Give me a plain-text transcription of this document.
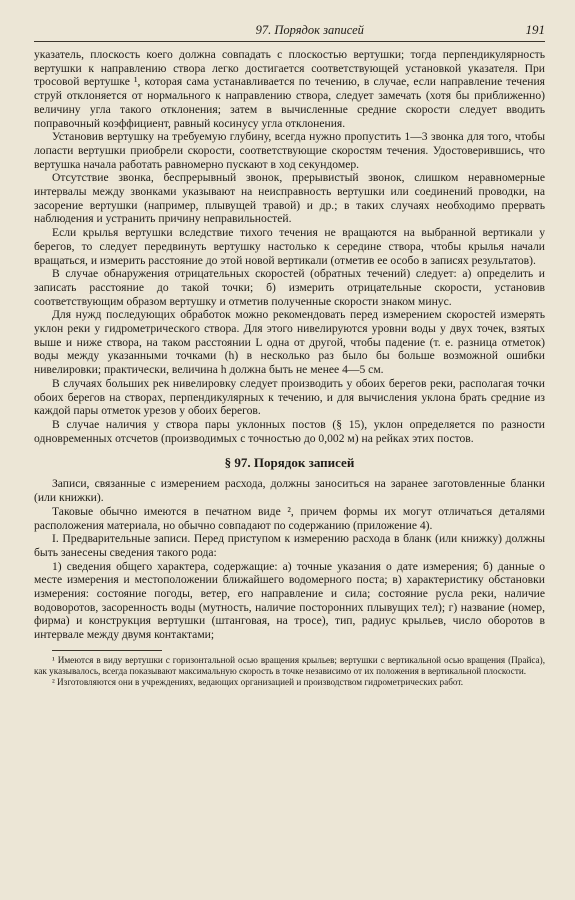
97. Порядок записей	191

указатель, плоскость коего должна совпадать с плоскостью вертушки; тогда перпендикулярность вертушки к направлению створа легко достигается соответствующей установкой указателя. При тросовой вертушке ¹, которая сама устанавливается по течению, в случае, если направление течения струй отклоняется от нормального к направлению створа, следует замечать (хотя бы приближенно) величину угла такого отклонения; затем в вычисленные средние скорости следует вводить поправочный коэффициент, равный косинусу угла отклонения.

Установив вертушку на требуемую глубину, всегда нужно пропустить 1—3 звонка для того, чтобы лопасти вертушки приобрели скорости, соответствующие скоростям течения. Удостоверившись, что вертушка начала работать равномерно пускают в ход секундомер.

Отсутствие звонка, беспрерывный звонок, прерывистый звонок, слишком неравномерные интервалы между звонками указывают на неисправность вертушки или соединений проводки, на засорение вертушки (например, плывущей травой) и др.; в таких случаях необходимо прервать наблюдения и устранить причину неправильностей.

Если крылья вертушки вследствие тихого течения не вращаются на выбранной вертикали у берегов, то следует передвинуть вертушку настолько к середине створа, чтобы крылья начали вращаться, и измерить расстояние до этой новой вертикали (отметив ее особо в записях результатов).

В случае обнаружения отрицательных скоростей (обратных течений) следует: а) определить и записать расстояние до такой точки; б) измерить отрицательные скорости, установив соответствующим образом вертушку и отметив полученные скорости знаком минус.

Для нужд последующих обработок можно рекомендовать перед измерением скоростей измерять уклон реки у гидрометрического створа. Для этого нивелируются уровни воды у двух точек, взятых выше и ниже створа, на таком расстоянии L одна от другой, чтобы падение (т. е. разница отметок) воды между указанными точками (h) в несколько раз было бы больше возможной ошибки нивелировки; практически, величина h должна быть не менее 4—5 см.

В случаях больших рек нивелировку следует производить у обоих берегов реки, располагая точки обоих берегов на створах, перпендикулярных к течению, и для вычисления уклона брать средние из каждой пары отметок урезов у обоих берегов.

В случае наличия у створа пары уклонных постов (§ 15), уклон определяется по разности одновременных отсчетов (производимых с точностью до 0,002 м) на рейках этих постов.

§ 97. Порядок записей

Записи, связанные с измерением расхода, должны заноситься на заранее заготовленные бланки (или книжки).

Таковые обычно имеются в печатном виде ², причем формы их могут отличаться деталями расположения материала, но обычно совпадают по содержанию (приложение 4).

I. Предварительные записи. Перед приступом к измерению расхода в бланк (или книжку) должны быть занесены сведения такого рода:

1) сведения общего характера, содержащие: а) точные указания о дате измерения; б) данные о месте измерения и местоположении ближайшего водомерного поста; в) характеристику обстановки измерения: состояние погоды, ветер, его направление и сила; состояние русла реки, наличие водоворотов, засоренность воды (мутность, наличие посторонних плывущих тел); г) название (номер, фирма) и конструкция вертушки (штанговая, на тросе), тип, радиус крыльев, число оборотов в интервале между двумя контактами;

¹ Имеются в виду вертушки с горизонтальной осью вращения крыльев; вертушки с вертикальной осью вращения (Прайса), как указывалось, всегда показывают максимальную скорость в точке независимо от их положения в вертикальной плоскости.

² Изготовляются они в учреждениях, ведающих организацией и производством гидрометрических работ.
